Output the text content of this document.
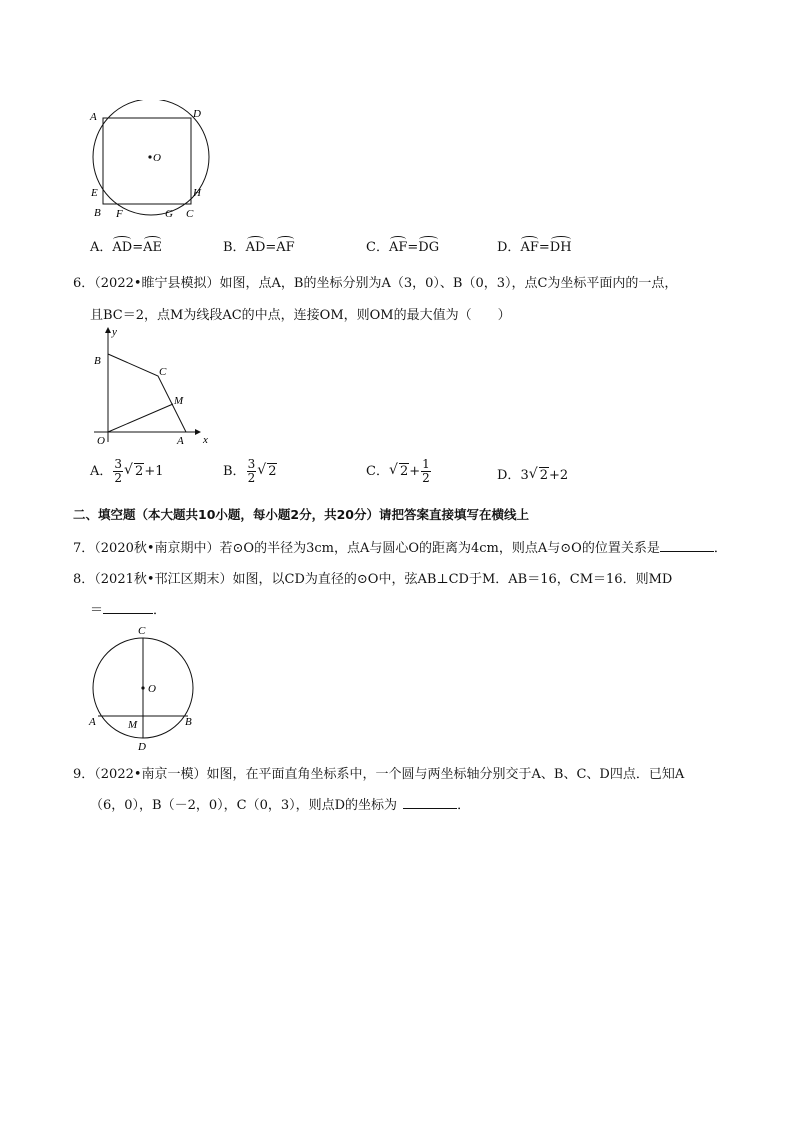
A	D
O
E	H
B F	G C
A．AD=AE	B．AD=AF	C．AF=DG	D．AF=DH
6．（2022•睢宁县模拟）如图，点A，B的坐标分别为A（3，0）、B（0，3），点C为坐标平面内的一点，
且BC＝2，点M为线段AC的中点，连接OM，则OM的最大值为（　　）
y
x
B
C
M
O	A
A． $\frac{3}{2}$ √ 2+1	B． $\frac{3}{2}$ √ 2	C． √ $2+ \frac{1}{2}$	D．3 √ 2+2
二、填空题（本大题共10小题，每小题2分，共20分）请把答案直接填写在横线上
7．（2020秋•南京期中）若⊙O的半径为3cm，点A与圆心O的距离为4cm，则点A与⊙O的位置关系是	．
8．（2021秋•邗江区期末）如图，以CD为直径的⊙O中，弦AB⊥CD于M．AB＝16，CM＝16．则MD
＝	．
C
O
A	M	B
D
9．（2022•南京一模）如图，在平面直角坐标系中，一个圆与两坐标轴分别交于A、B、C、D四点．已知A
（6，0），B（－2，0），C（0，3），则点D的坐标为	．
